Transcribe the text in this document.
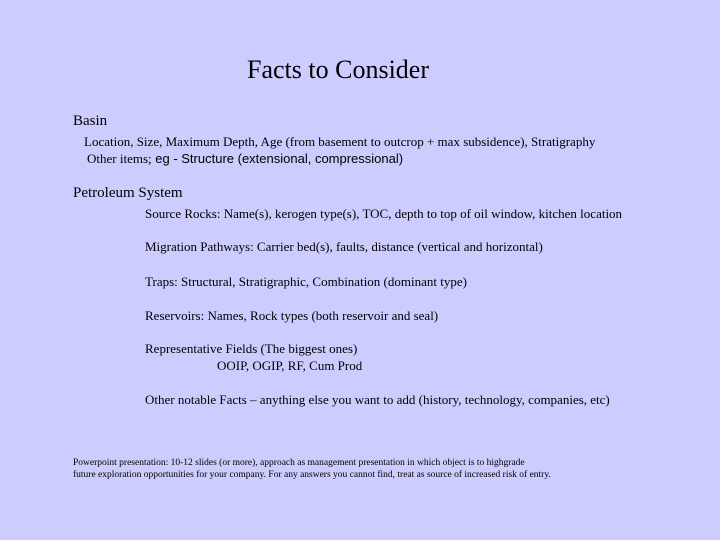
Facts to Consider
Basin
Location, Size, Maximum Depth, Age (from basement to outcrop + max subsidence), Stratigraphy
Other items; eg - Structure (extensional, compressional)
Petroleum System
Source Rocks: Name(s), kerogen type(s), TOC, depth to top of oil window, kitchen location
Migration Pathways: Carrier bed(s), faults, distance (vertical and horizontal)
Traps: Structural, Stratigraphic, Combination (dominant type)
Reservoirs: Names, Rock types (both reservoir and seal)
Representative Fields (The biggest ones)
OOIP, OGIP, RF, Cum Prod
Other notable Facts – anything else you want to add (history, technology, companies, etc)
Powerpoint presentation: 10-12 slides (or more), approach as management presentation in which object is to highgrade
future exploration opportunities for your company. For any answers you cannot find, treat as source of increased risk of entry.
